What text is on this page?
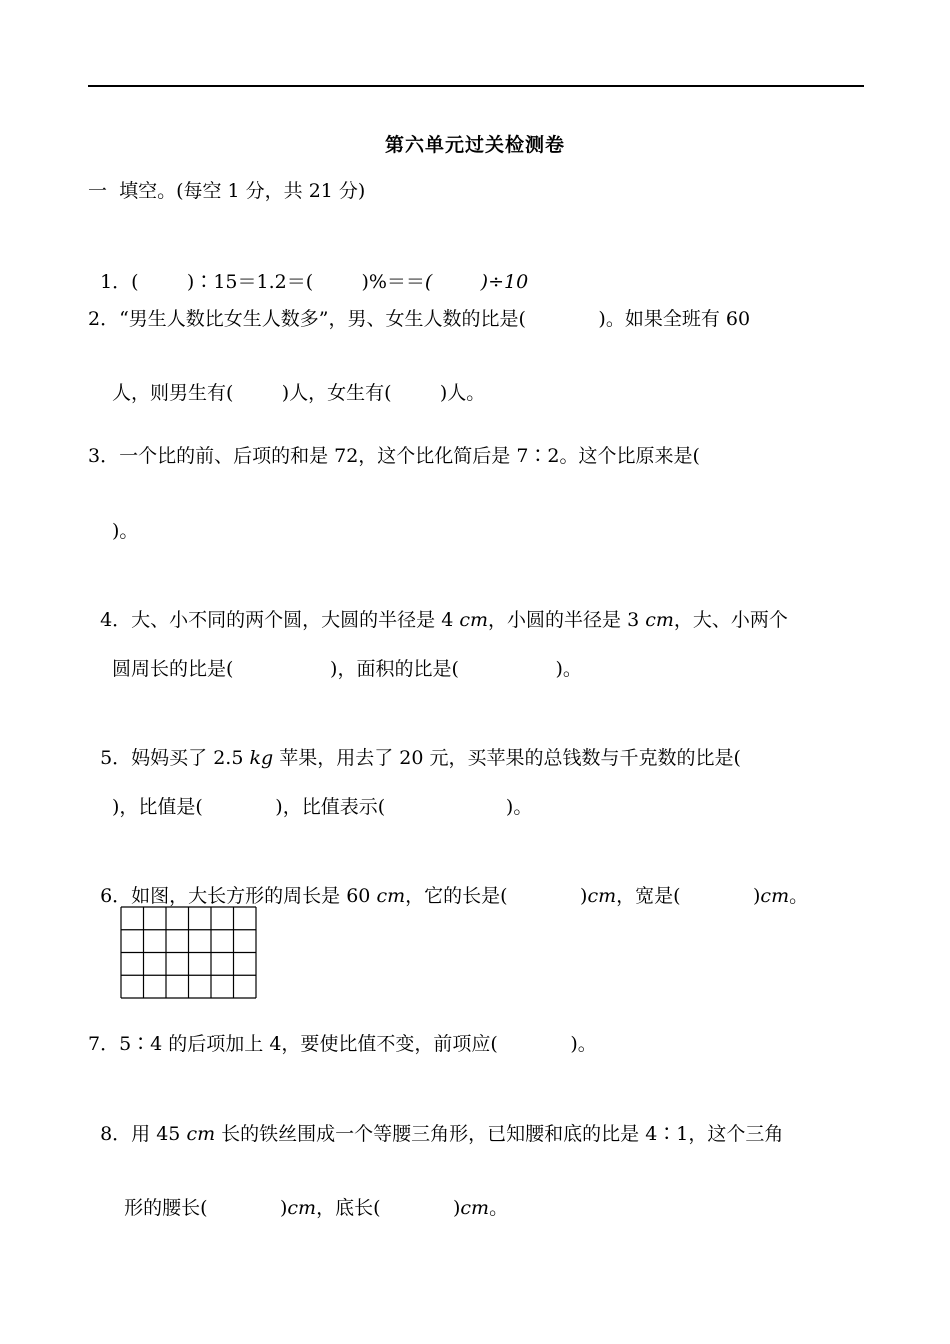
第六单元过关检测卷
一  填空。(每空 1 分，共 21 分)

1．(        )∶15＝1.2＝(        )%＝＝(        )÷10

2．“男生人数比女生人数多”，男、女生人数的比是(            )。如果全班有 60
人，则男生有(        )人，女生有(        )人。
3．一个比的前、后项的和是 72，这个比化简后是 7∶2。这个比原来是(
)。

4．大、小不同的两个圆，大圆的半径是 4 cm，小圆的半径是 3 cm，大、小两个

圆周长的比是(                )，面积的比是(                )。

5．妈妈买了 2.5 kg 苹果，用去了 20 元，买苹果的总钱数与千克数的比是(

)，比值是(            )，比值表示(                    )。

6．如图，大长方形的周长是 60 cm，它的长是(            )cm，宽是(            )cm。

7．5∶4 的后项加上 4，要使比值不变，前项应(            )。

8．用 45 cm 长的铁丝围成一个等腰三角形，已知腰和底的比是 4∶1，这个三角

形的腰长(            )cm，底长(            )cm。
